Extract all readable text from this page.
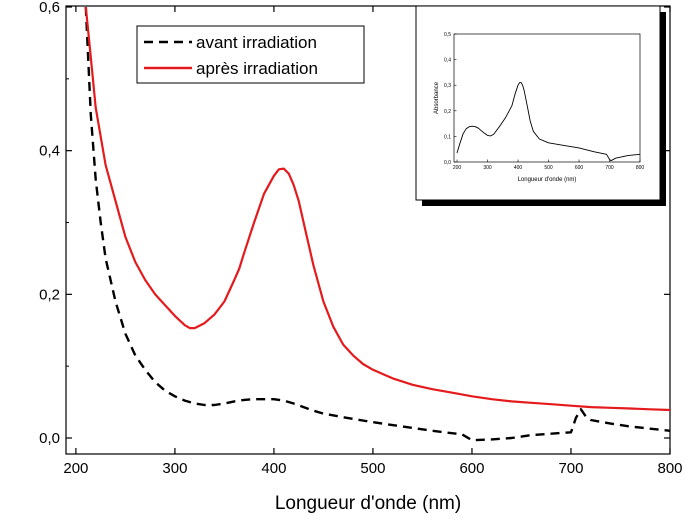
200	300	400	500	600	700	800
0,0
0,2
0,4
0,6
Longueur d'onde (nm)
avant irradiation
après irradiation
200	300	400	500	600	700	800
0,0
0,1
0,2
0,3
0,4
0,5
Longueur d'onde (nm)
Absorbance
